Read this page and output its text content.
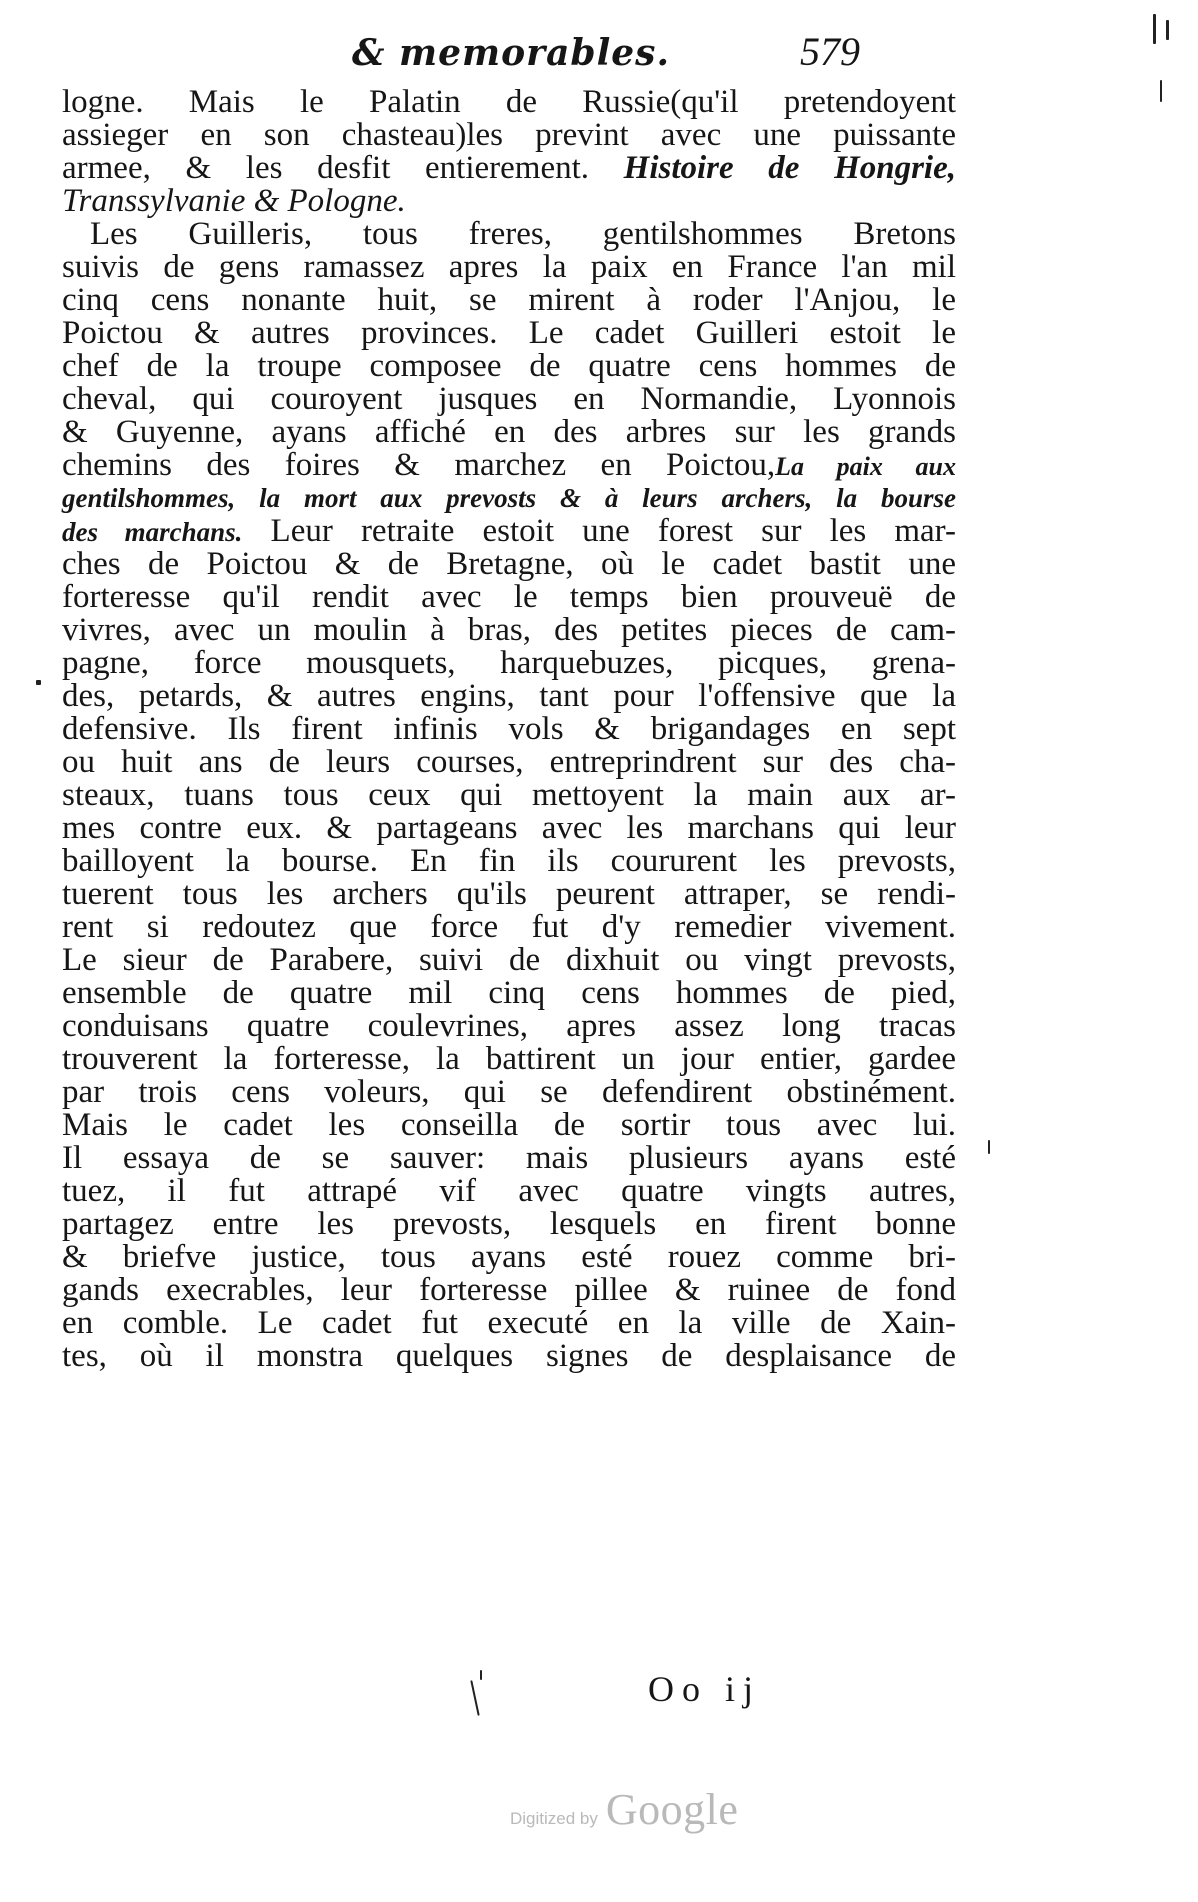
& memorables.	579
logne. Mais le Palatin de Russie(qu'il pretendoyent
assieger en son chasteau)les prevint avec une puissante
armee, & les desfit entierement. Histoire de Hongrie,
Transsylvanie & Pologne.
Les Guilleris, tous freres, gentilshommes Bretons
suivis de gens ramassez apres la paix en France l'an mil
cinq cens nonante huit, se mirent à roder l'Anjou, le
Poictou & autres provinces. Le cadet Guilleri estoit le
chef de la troupe composee de quatre cens hommes de
cheval, qui couroyent jusques en Normandie, Lyonnois
& Guyenne, ayans affiché en des arbres sur les grands
chemins des foires & marchez en Poictou,La paix aux
gentilshommes, la mort aux prevosts & à leurs archers, la bourse
des marchans. Leur retraite estoit une forest sur les mar-
ches de Poictou & de Bretagne, où le cadet bastit une
forteresse qu'il rendit avec le temps bien prouveuë de
vivres, avec un moulin à bras, des petites pieces de cam-
pagne, force mousquets, harquebuzes, picques, grena-
des, petards, & autres engins, tant pour l'offensive que la
defensive. Ils firent infinis vols & brigandages en sept
ou huit ans de leurs courses, entreprindrent sur des cha-
steaux, tuans tous ceux qui mettoyent la main aux ar-
mes contre eux. & partageans avec les marchans qui leur
bailloyent la bourse. En fin ils coururent les prevosts,
tuerent tous les archers qu'ils peurent attraper, se rendi-
rent si redoutez que force fut d'y remedier vivement.
Le sieur de Parabere, suivi de dixhuit ou vingt prevosts,
ensemble de quatre mil cinq cens hommes de pied,
conduisans quatre coulevrines, apres assez long tracas
trouverent la forteresse, la battirent un jour entier, gardee
par trois cens voleurs, qui se defendirent obstinément.
Mais le cadet les conseilla de sortir tous avec lui.
Il essaya de se sauver: mais plusieurs ayans esté
tuez, il fut attrapé vif avec quatre vingts autres,
partagez entre les prevosts, lesquels en firent bonne
& briefve justice, tous ayans esté rouez comme bri-
gands execrables, leur forteresse pillee & ruinee de fond
en comble. Le cadet fut executé en la ville de Xain-
tes, où il monstra quelques signes de desplaisance de
Oo ij
Digitized by Google
